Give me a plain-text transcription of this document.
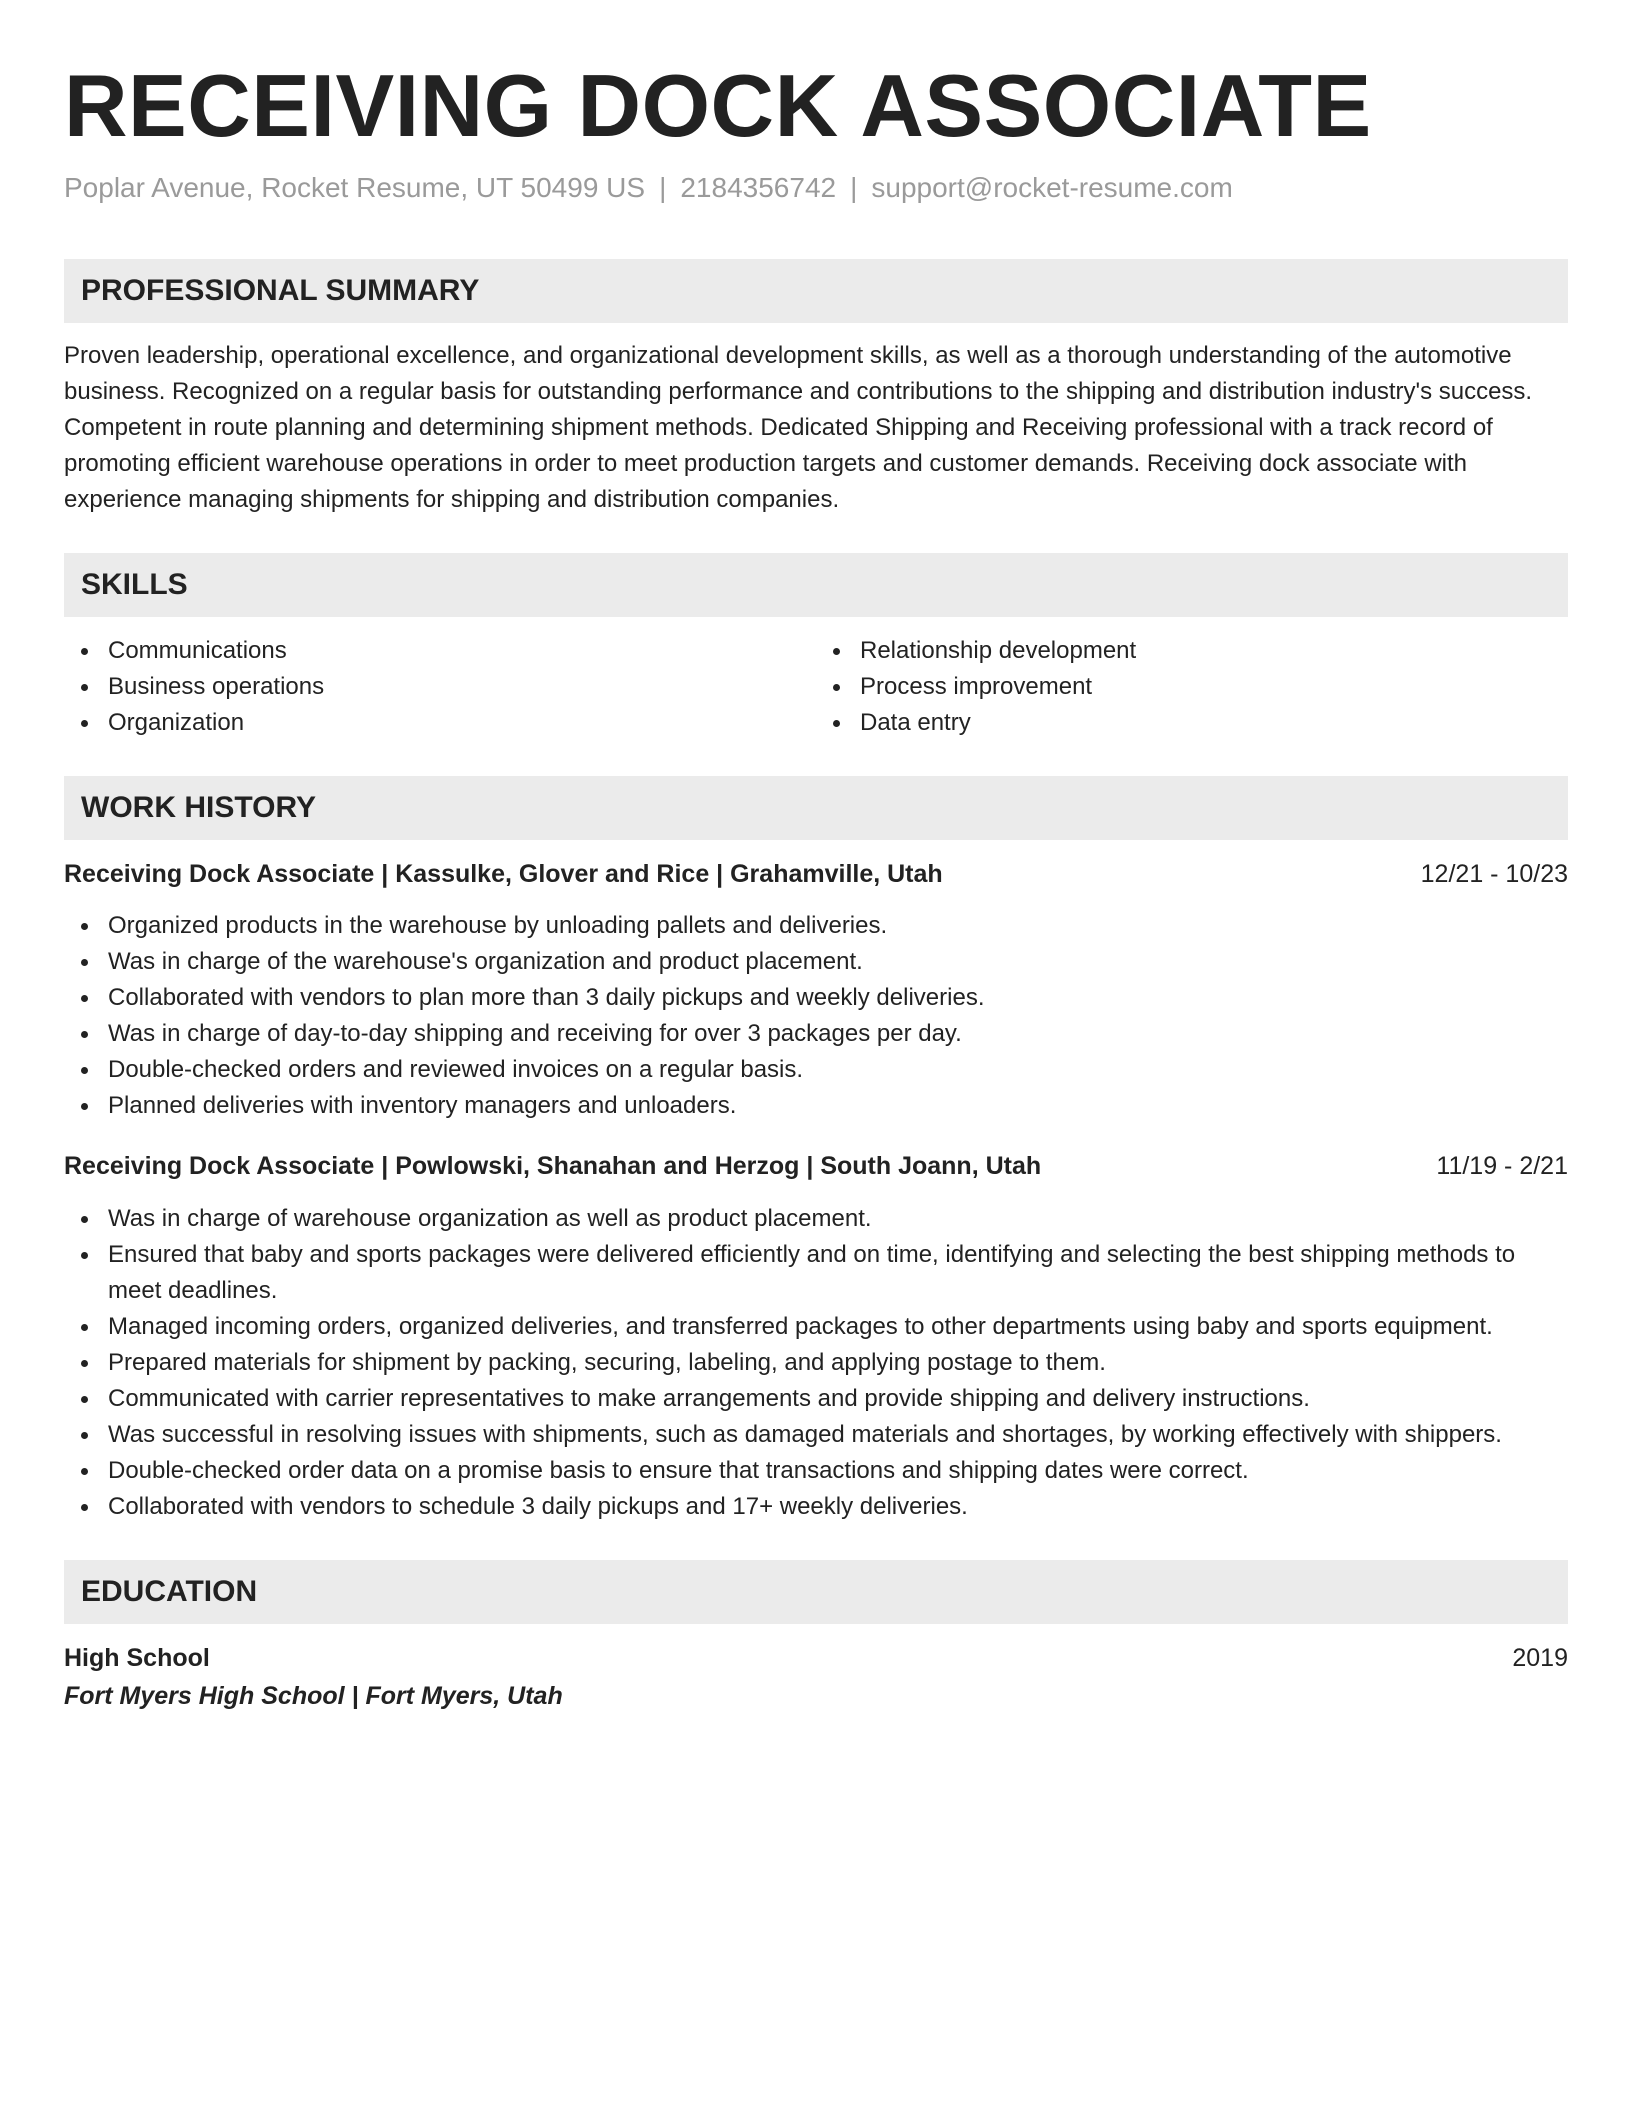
RECEIVING DOCK ASSOCIATE
Poplar Avenue, Rocket Resume, UT 50499 US | 2184356742 | support@rocket-resume.com
PROFESSIONAL SUMMARY
Proven leadership, operational excellence, and organizational development skills, as well as a thorough understanding of the automotive business. Recognized on a regular basis for outstanding performance and contributions to the shipping and distribution industry's success. Competent in route planning and determining shipment methods. Dedicated Shipping and Receiving professional with a track record of promoting efficient warehouse operations in order to meet production targets and customer demands. Receiving dock associate with experience managing shipments for shipping and distribution companies.
SKILLS
Communications
Business operations
Organization
Relationship development
Process improvement
Data entry
WORK HISTORY
Receiving Dock Associate | Kassulke, Glover and Rice | Grahamville, Utah	12/21 - 10/23
Organized products in the warehouse by unloading pallets and deliveries.
Was in charge of the warehouse's organization and product placement.
Collaborated with vendors to plan more than 3 daily pickups and weekly deliveries.
Was in charge of day-to-day shipping and receiving for over 3 packages per day.
Double-checked orders and reviewed invoices on a regular basis.
Planned deliveries with inventory managers and unloaders.
Receiving Dock Associate | Powlowski, Shanahan and Herzog | South Joann, Utah	11/19 - 2/21
Was in charge of warehouse organization as well as product placement.
Ensured that baby and sports packages were delivered efficiently and on time, identifying and selecting the best shipping methods to meet deadlines.
Managed incoming orders, organized deliveries, and transferred packages to other departments using baby and sports equipment.
Prepared materials for shipment by packing, securing, labeling, and applying postage to them.
Communicated with carrier representatives to make arrangements and provide shipping and delivery instructions.
Was successful in resolving issues with shipments, such as damaged materials and shortages, by working effectively with shippers.
Double-checked order data on a promise basis to ensure that transactions and shipping dates were correct.
Collaborated with vendors to schedule 3 daily pickups and 17+ weekly deliveries.
EDUCATION
High School	2019
Fort Myers High School | Fort Myers, Utah
